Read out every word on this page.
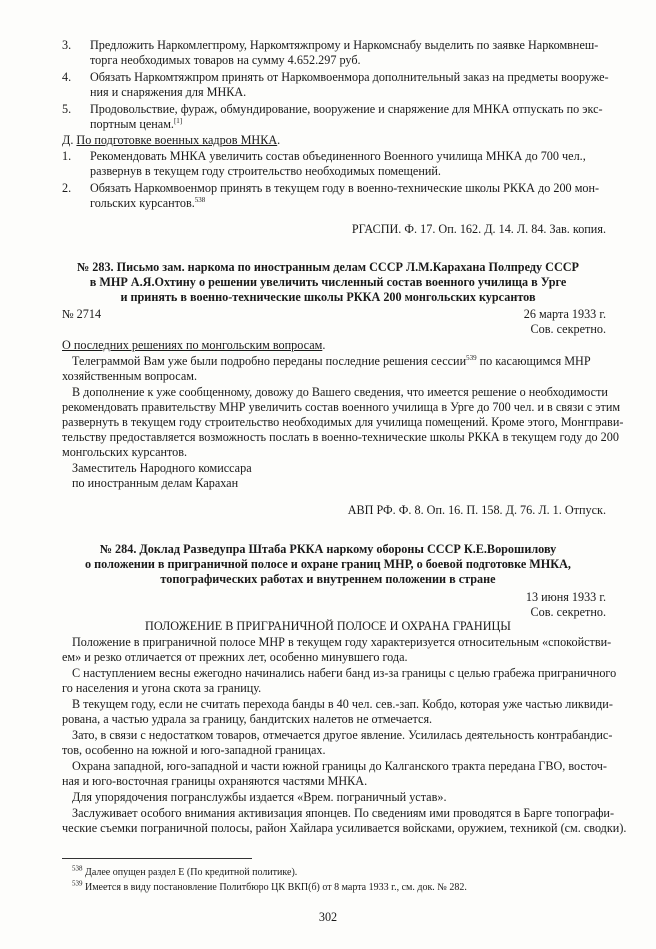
3. Предложить Наркомлегпрому, Наркомтяжпрому и Наркомснабу выделить по заявке Наркомвнеш-
торга необходимых товаров на сумму 4.652.297 руб.
4. Обязать Наркомтяжпром принять от Наркомвоенмора дополнительный заказ на предметы вооруже-
ния и снаряжения для МНКА.
5. Продовольствие, фураж, обмундирование, вооружение и снаряжение для МНКА отпускать по экс-
портным ценам.[1]
Д. По подготовке военных кадров МНКА.
1. Рекомендовать МНКА увеличить состав объединенного Военного училища МНКА до 700 чел.,
развернув в текущем году строительство необходимых помещений.
2. Обязать Наркомвоенмор принять в текущем году в военно-технические школы РККА до 200 мон-
гольских курсантов.$^{538}$
РГАСПИ. Ф. 17. Оп. 162. Д. 14. Л. 84. Зав. копия.
№ 283. Письмо зам. наркома по иностранным делам СССР Л.М.Карахана Полпреду СССР
в МНР А.Я.Охтину о решении увеличить численный состав военного училища в Урге
и принять в военно-технические школы РККА 200 монгольских курсантов
№ 2714	26 марта 1933 г.
Сов. секретно.
О последних решениях по монгольским вопросам.
Телеграммой Вам уже были подробно переданы последние решения сессии$^{539}$ по касающимся МНР
хозяйственным вопросам.
В дополнение к уже сообщенному, довожу до Вашего сведения, что имеется решение о необходимости
рекомендовать правительству МНР увеличить состав военного училища в Урге до 700 чел. и в связи с этим
развернуть в текущем году строительство необходимых для училища помещений. Кроме этого, Монгправи-
тельству предоставляется возможность послать в военно-технические школы РККА в текущем году до 200
монгольских курсантов.
Заместитель Народного комиссара
по иностранным делам Карахан
АВП РФ. Ф. 8. Оп. 16. П. 158. Д. 76. Л. 1. Отпуск.
№ 284. Доклад Разведупра Штаба РККА наркому обороны СССР К.Е.Ворошилову
о положении в приграничной полосе и охране границ МНР, о боевой подготовке МНКА,
топографических работах и внутреннем положении в стране
13 июня 1933 г.
Сов. секретно.
ПОЛОЖЕНИЕ В ПРИГРАНИЧНОЙ ПОЛОСЕ И ОХРАНА ГРАНИЦЫ
Положение в приграничной полосе МНР в текущем году характеризуется относительным «спокойстви-
ем» и резко отличается от прежних лет, особенно минувшего года.
С наступлением весны ежегодно начинались набеги банд из-за границы с целью грабежа приграничного
го населения и угона скота за границу.
В текущем году, если не считать перехода банды в 40 чел. сев.-зап. Кобдо, которая уже частью ликвиди-
рована, а частью удрала за границу, бандитских налетов не отмечается.
Зато, в связи с недостатком товаров, отмечается другое явление. Усилилась деятельность контрабандис-
тов, особенно на южной и юго-западной границах.
Охрана западной, юго-западной и части южной границы до Калганского тракта передана ГВО, восточ-
ная и юго-восточная границы охраняются частями МНКА.
Для упорядочения погранслужбы издается «Врем. пограничный устав».
Заслуживает особого внимания активизация японцев. По сведениям ими проводятся в Барге топографи-
ческие съемки пограничной полосы, район Хайлара усиливается войсками, оружием, техникой (см. сводки).
$^{538}$ Далее опущен раздел Е (По кредитной политике).
$^{539}$ Имеется в виду постановление Политбюро ЦК ВКП(б) от 8 марта 1933 г., см. док. № 282.
302
